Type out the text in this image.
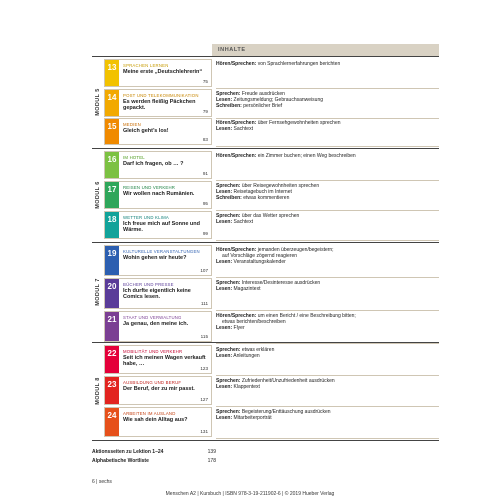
INHALTE
MODUL 5
MODUL 6
MODUL 7
MODUL 8
13	SPRACHEN LERNEN
Meine erste „Deutschlehrerin“
75
Hören/Sprechen: von Sprachlernerfahrungen berichten
14	POST UND TELEKOMMUNIKATION
Es werden fleißig Päckchen gepackt.
79
Sprechen: Freude ausdrücken
Lesen: Zeitungsmeldung; Gebrauchsanweisung
Schreiben: persönlicher Brief
15	MEDIEN
Gleich geht’s los!
83
Hören/Sprechen: über Fernsehgewohnheiten sprechen
Lesen: Sachtext
16	IM HOTEL
Darf ich fragen, ob … ?
91
Hören/Sprechen: ein Zimmer buchen; einen Weg beschreiben
17	REISEN UND VERKEHR
Wir wollen nach Rumänien.
95
Sprechen: über Reisegewohnheiten sprechen
Lesen: Reisetagebuch im Internet
Schreiben: etwas kommentieren
18	WETTER UND KLIMA
Ich freue mich auf Sonne und Wärme.
99
Sprechen: über das Wetter sprechen
Lesen: Sachtext
19	KULTURELLE VERANSTALTUNGEN
Wohin gehen wir heute?
107
Hören/Sprechen: jemanden überzeugen/begeistern;
auf Vorschläge zögernd reagieren
Lesen: Veranstaltungskalender
20	BÜCHER UND PRESSE
Ich durfte eigentlich keine Comics lesen.
111
Sprechen: Interesse/Desinteresse ausdrücken
Lesen: Magazintext
21	STAAT UND VERWALTUNG
Ja genau, den meine ich.
115
Hören/Sprechen: um einen Bericht / eine Beschreibung bitten;
etwas berichten/beschreiben
Lesen: Flyer
22	MOBILITÄT UND VERKEHR
Seit ich meinen Wagen verkauft habe, …
123
Sprechen: etwas erklären
Lesen: Anleitungen
23	AUSBILDUNG UND BERUF
Der Beruf, der zu mir passt.
127
Sprechen: Zufriedenheit/Unzufriedenheit ausdrücken
Lesen: Klappentext
24	ARBEITEN IM AUSLAND
Wie sah dein Alltag aus?
131
Sprechen: Begeisterung/Enttäuschung ausdrücken
Lesen: Mitarbeiterporträt
Aktionsseiten zu Lektion 1–24	139
Alphabetische Wortliste	178
6 | sechs
Menschen A2 | Kursbuch | ISBN 978-3-19-211902-6 | © 2019 Hueber Verlag
